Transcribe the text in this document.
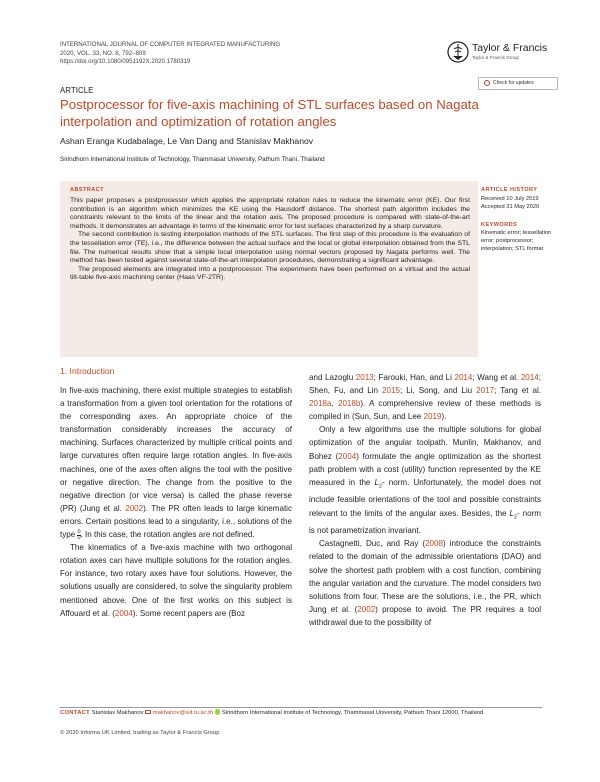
INTERNATIONAL JOURNAL OF COMPUTER INTEGRATED MANUFACTURING
2020, VOL. 33, NO. 8, 792–809
https://doi.org/10.1080/0951192X.2020.1780319
Taylor & Francis
Taylor & Francis Group
Check for updates
ARTICLE
Postprocessor for five-axis machining of STL surfaces based on Nagata interpolation and optimization of rotation angles
Ashan Eranga Kudabalage, Le Van Dang and Stanislav Makhanov
Sirindhorn International Institute of Technology, Thammasat University, Pathum Thani, Thailand
ABSTRACT

This paper proposes a postprocessor which applies the appropriate rotation rules to reduce the kinematic error (KE). Our first contribution is an algorithm which minimizes the KE using the Hausdorff distance. The shortest path algorithm includes the constraints relevant to the limits of the linear and the rotation axis. The proposed procedure is compared with state-of-the-art methods. It demonstrates an advantage in terms of the kinematic error for test surfaces characterized by a sharp curvature.

The second contribution is testing interpolation methods of the STL surfaces. The first step of this procedure is the evaluation of the tessellation error (TE), i.e., the difference between the actual surface and the local or global interpolation obtained from the STL file. The numerical results show that a simple local interpolation using normal vectors proposed by Nagata performs well. The method has been tested against several state-of-the-art interpolation procedures, demonstrating a significant advantage.

The proposed elements are integrated into a postprocessor. The experiments have been performed on a virtual and the actual tilt-table five-axis machining center (Haas VF-2TR).

ARTICLE HISTORY
Received 10 July 2019
Accepted 31 May 2020
KEYWORDS
Kinematic error; tessellation error; postprocessor; interpolation; STL format
1. Introduction

In five-axis machining, there exist multiple strategies to establish a transformation from a given tool orientation for the rotations of the corresponding axes. An appropriate choice of the transformation considerably increases the accuracy of machining. Surfaces characterized by multiple critical points and large curvatures often require large rotation angles. In five-axis machines, one of the axes often aligns the tool with the positive or negative direction. The change from the positive to the negative direction (or vice versa) is called the phase reverse (PR) (Jung et al. 2002). The PR often leads to large kinematic errors. Certain positions lead to a singularity, i.e., solutions of the type $\frac{0}{0}$ . In this case, the rotation angles are not defined.

The kinematics of a five-axis machine with two orthogonal rotation axes can have multiple solutions for the rotation angles. For instance, two rotary axes have four solutions. However, the solutions usually are considered, to solve the singularity problem mentioned above. One of the first works on this subject is Affouard et al. (2004). Some recent papers are (Boz

and Lazoglu 2013; Farouki, Han, and Li 2014; Wang et al. 2014; Shen, Fu, and Lin 2015; Li, Song, and Liu 2017; Tang et al. 2018a, 2018b). A comprehensive review of these methods is compiled in (Sun, Sun, and Lee 2019).

Only a few algorithms use the multiple solutions for global optimization of the angular toolpath. Munlin, Makhanov, and Bohez (2004) formulate the angle optimization as the shortest path problem with a cost (utility) function represented by the KE measured in the $L_2-$ norm. Unfortunately, the model does not include feasible orientations of the tool and possible constraints relevant to the limits of the angular axes. Besides, the $L_2-$ norm is not parametrization invariant.

Castagnetti, Duc, and Ray (2008) introduce the constraints related to the domain of the admissible orientations (DAO) and solve the shortest path problem with a cost function, combining the angular variation and the curvature. The model considers two solutions from four. These are the solutions, i.e., the PR, which Jung et al. (2002) propose to avoid. The PR requires a tool withdrawal due to the possibility of

CONTACT Stanislav Makhanov  makhanov@siit.tu.ac.th  Sirindhorn International Institute of Technology, Thammasat University, Pathum Thani 12000, Thailand
© 2020 Informa UK Limited, trading as Taylor & Francis Group
